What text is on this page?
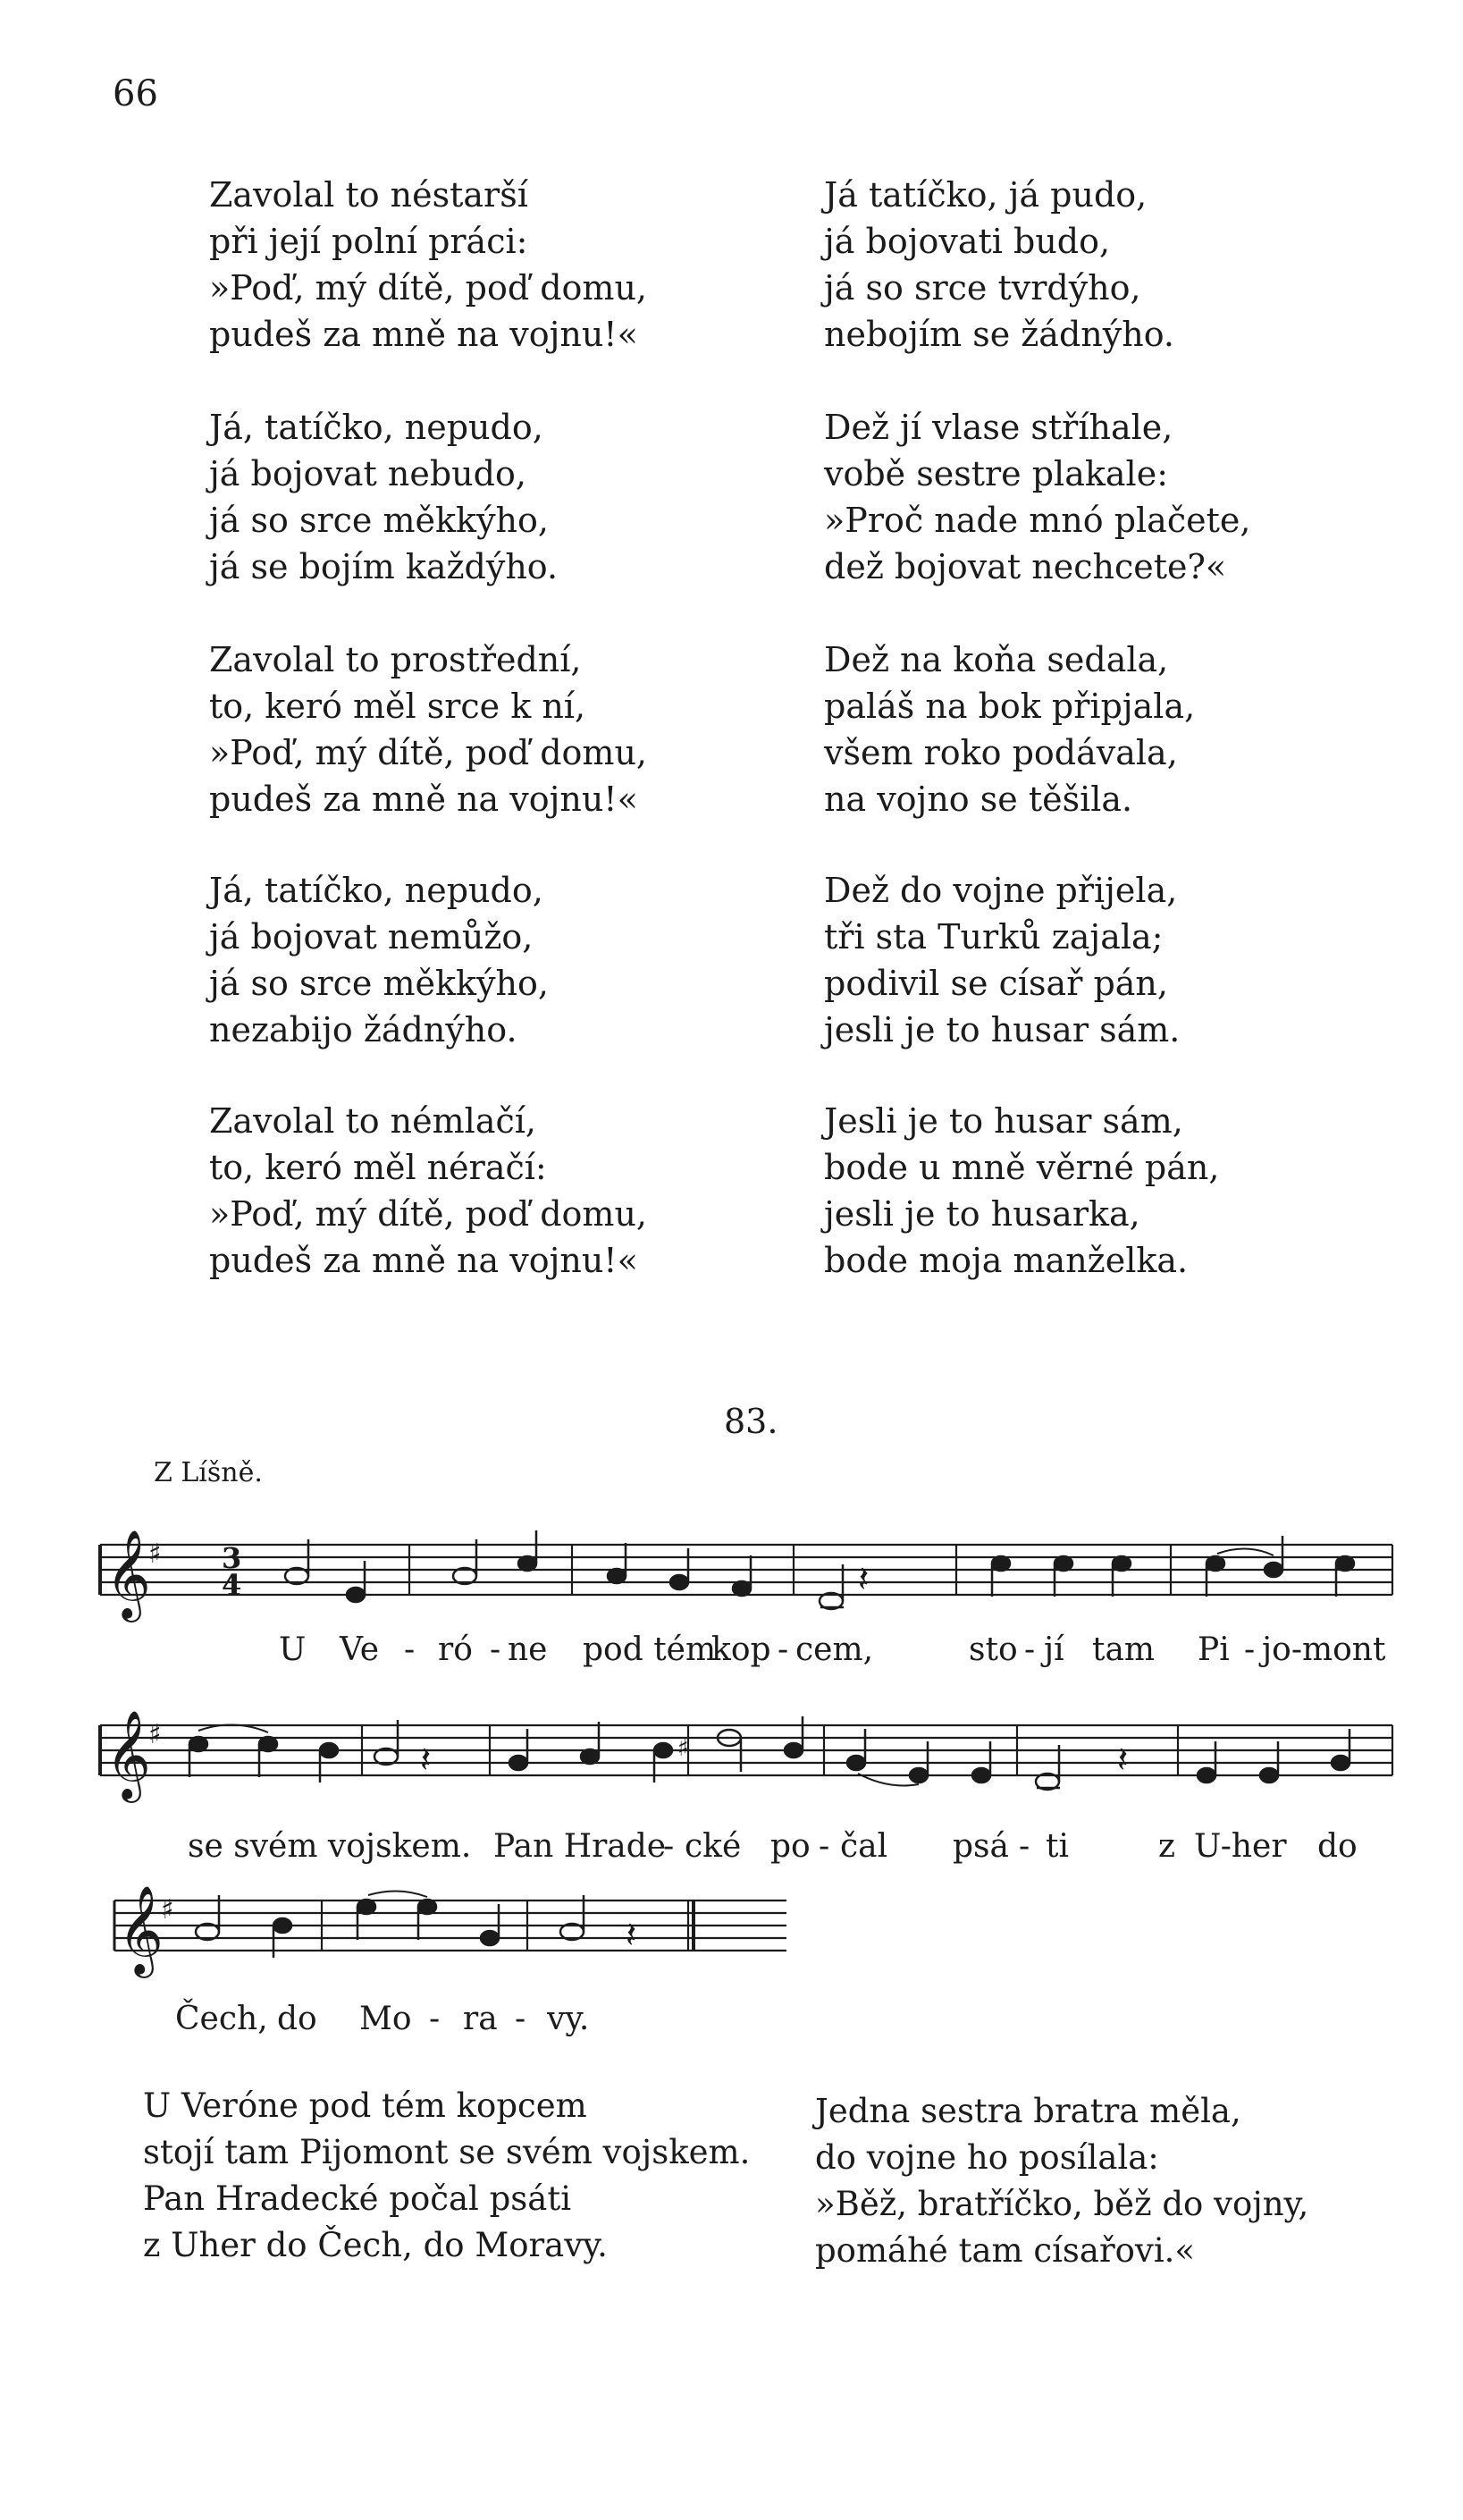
66
Zavolal to néstarší
při její polní práci:
»Poď, mý dítě, poď domu,
pudeš za mně na vojnu!«
Já, tatíčko, nepudo,
já bojovat nebudo,
já so srce měkkýho,
já se bojím každýho.
Zavolal to prostřední,
to, keró měl srce k ní,
»Poď, mý dítě, poď domu,
pudeš za mně na vojnu!«
Já, tatíčko, nepudo,
já bojovat nemůžo,
já so srce měkkýho,
nezabijo žádnýho.
Zavolal to némlačí,
to, keró měl néračí:
»Poď, mý dítě, poď domu,
pudeš za mně na vojnu!«
Já tatíčko, já pudo,
já bojovati budo,
já so srce tvrdýho,
nebojím se žádnýho.
Dež jí vlase stříhale,
vobě sestre plakale:
»Proč nade mnó plačete,
dež bojovat nechcete?«
Dež na koňa sedala,
paláš na bok připjala,
všem roko podávala,
na vojno se těšila.
Dež do vojne přijela,
tři sta Turků zajala;
podivil se císař pán,
jesli je to husar sám.
Jesli je to husar sám,
bode u mně věrné pán,
jesli je to husarka,
bode moja manželka.
83.
Z Líšně.
𝄞
♯ 3
4	𝄽
U Ve - ró - ne pod tém
kop - cem,	sto - jí tam Pi - jo-mont
𝄞
♯	♯
𝄽	𝄽
se svém vojskem. Pan Hrade
- cké po - čal psá - ti	z U-her do
𝄞
♯
𝄽
Čech, do Mo - ra - vy.
U Veróne pod tém kopcem
stojí tam Pijomont se svém vojskem.
Pan Hradecké počal psáti
z Uher do Čech, do Moravy.
Jedna sestra bratra měla,
do vojne ho posílala:
»Běž, bratříčko, běž do vojny,
pomáhé tam císařovi.«
